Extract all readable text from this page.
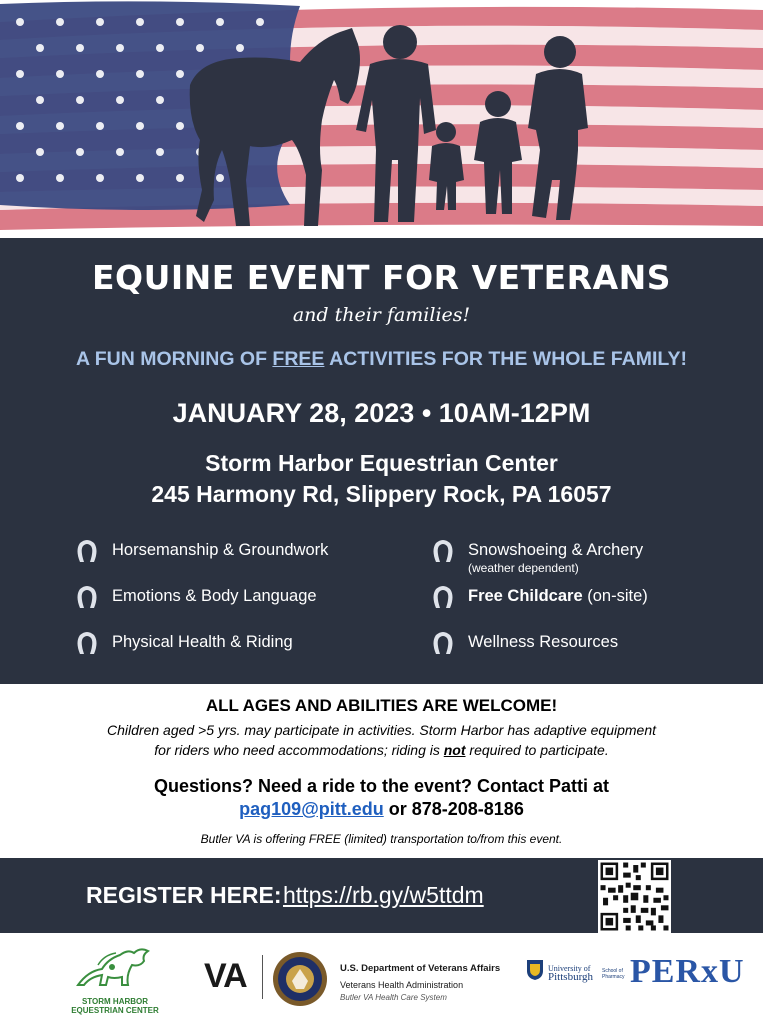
EQUINE EVENT FOR VETERANS
and their families!
A FUN MORNING OF FREE ACTIVITIES FOR THE WHOLE FAMILY!
JANUARY 28, 2023 • 10AM-12PM
Storm Harbor Equestrian Center
245 Harmony Rd, Slippery Rock, PA 16057
Horsemanship & Groundwork
Emotions & Body Language
Physical Health & Riding
Snowshoeing & Archery
(weather dependent)
Free Childcare (on-site)
Wellness Resources
ALL AGES AND ABILITIES ARE WELCOME!
Children aged >5 yrs. may participate in activities. Storm Harbor has adaptive equipment
for riders who need accommodations; riding is not required to participate.
Questions? Need a ride to the event? Contact Patti at
pag109@pitt.edu or 878-208-8186
Butler VA is offering FREE (limited) transportation to/from this event.
REGISTER HERE: https://rb.gy/w5ttdm
STORM HARBOR
EQUESTRIAN CENTER
VA	U.S. Department of Veterans Affairs
Veterans Health Administration
Butler VA Health Care System
University of
Pittsburgh School of
Pharmacy PERxU
